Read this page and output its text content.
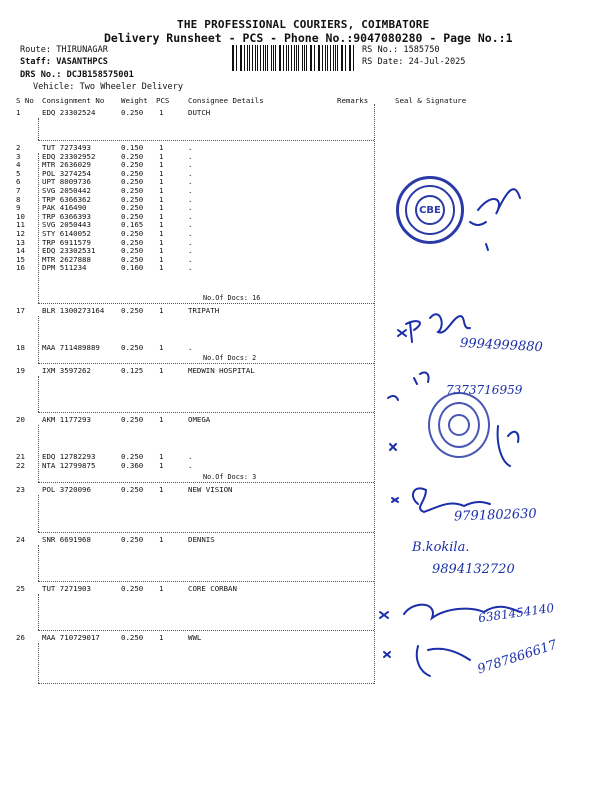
THE PROFESSIONAL COURIERS, COIMBATORE
Delivery Runsheet - PCS - Phone No.:9047080280 - Page No.:1
Route: THIRUNAGAR
Staff: VASANTHPCS
DRS No.: DCJB158575001
Vehicle: Two Wheeler Delivery
RS No.: 1585750
RS Date: 24-Jul-2025
S No Consignment No Weight PCS	Consignee Details	Remarks	Seal & Signature
1	EDQ 23302524	0.250 1	DUTCH
2	TUT 7273493	0.150 1	.
3	EDQ 23302952	0.250 1	.
4	MTR 2636029	0.250 1	.
5	POL 3274254	0.250 1	.
6	UPT 8009736	0.250 1	.
7	SVG 2050442	0.250 1	.
8	TRP 6366362	0.250 1	.
9	PAK 416490	0.250 1	.
10 TRP 6366393	0.250 1	.
11 SVG 2050443	0.165 1	.
12 STY 6140052	0.250 1	.
13 TRP 6911579	0.250 1	.
14 EDQ 23302531	0.250 1	.
15 MTR 2627888	0.250 1	.
16 DPM 511234	0.160 1	.
No.Of Docs: 16
17 BLR 1300273164 0.250 1	TRIPATH
18 MAA 711489889	0.250 1	.
No.Of Docs: 2
19 IXM 3597262	0.125 1	MEDWIN HOSPITAL
20 AKM 1177293	0.250 1	OMEGA
21 EDQ 12782293	0.250 1	.
22 NTA 12799875	0.360 1	.
No.Of Docs: 3
23 POL 3720096	0.250 1	NEW VISION
24 SNR 6691968	0.250 1	DENNIS
25 TUT 7271903	0.250 1	CORE CORBAN
26 MAA 710729017	0.250 1	WWL
CBE
9994999880
7373716959
9791802630
B.kokila.
9894132720
6381454140
9787866617
